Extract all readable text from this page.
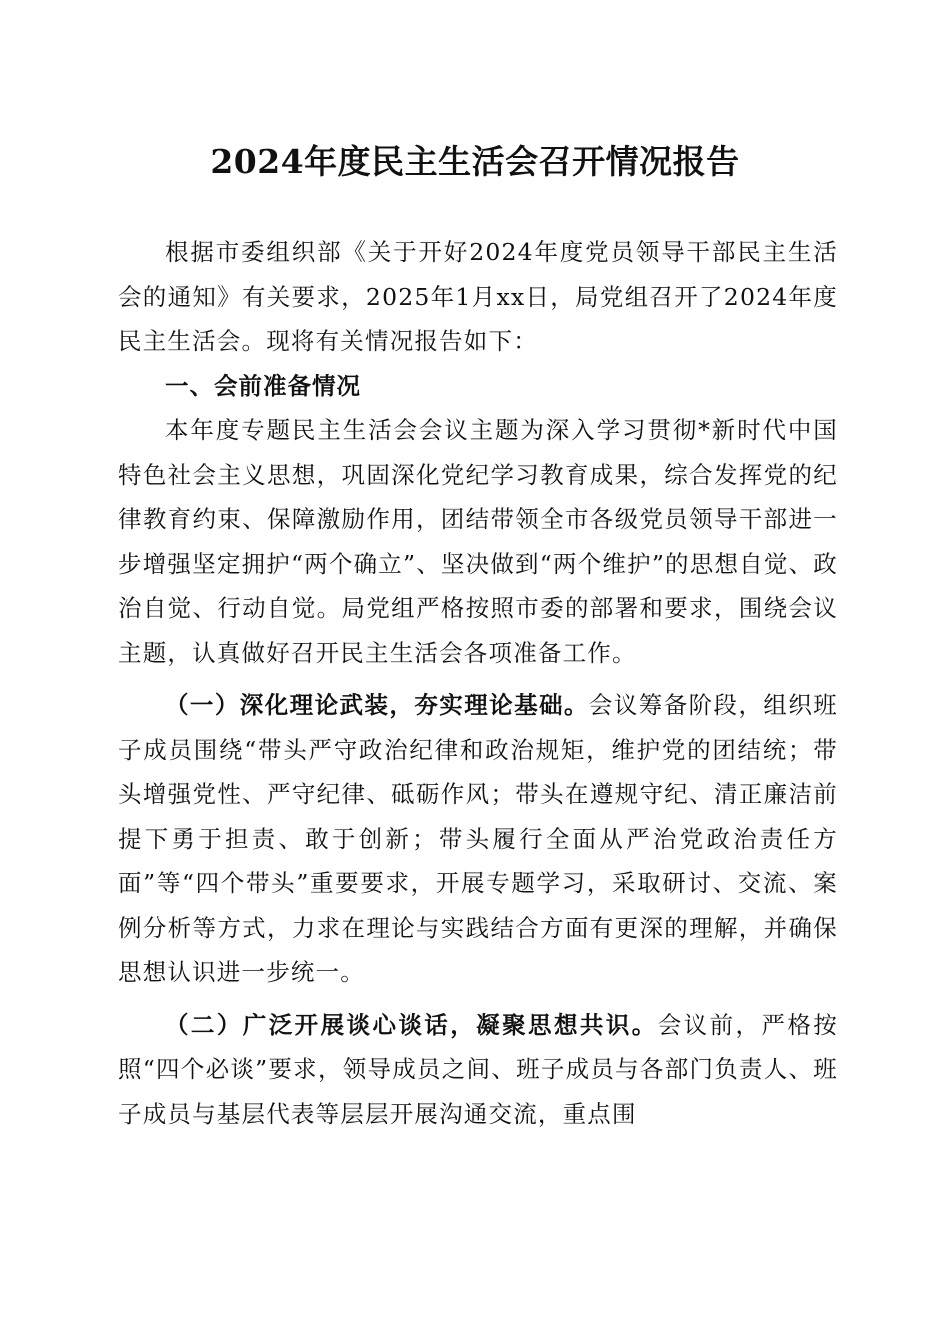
2024年度民主生活会召开情况报告

根据市委组织部《关于开好2024年度党员领导干部民主生活会的通知》有关要求，2025年1月xx日，局党组召开了2024年度民主生活会。现将有关情况报告如下：

一、会前准备情况

本年度专题民主生活会会议主题为深入学习贯彻*新时代中国特色社会主义思想，巩固深化党纪学习教育成果，综合发挥党的纪律教育约束、保障激励作用，团结带领全市各级党员领导干部进一步增强坚定拥护“两个确立”、坚决做到“两个维护”的思想自觉、政治自觉、行动自觉。局党组严格按照市委的部署和要求，围绕会议主题，认真做好召开民主生活会各项准备工作。

（一）深化理论武装，夯实理论基础。会议筹备阶段，组织班子成员围绕“带头严守政治纪律和政治规矩，维护党的团结统；带头增强党性、严守纪律、砥砺作风；带头在遵规守纪、清正廉洁前提下勇于担责、敢于创新；带头履行全面从严治党政治责任方面”等“四个带头”重要要求，开展专题学习，采取研讨、交流、案例分析等方式，力求在理论与实践结合方面有更深的理解，并确保思想认识进一步统一。

（二）广泛开展谈心谈话，凝聚思想共识。会议前，严格按照“四个必谈”要求，领导成员之间、班子成员与各部门负责人、班子成员与基层代表等层层开展沟通交流，重点围
